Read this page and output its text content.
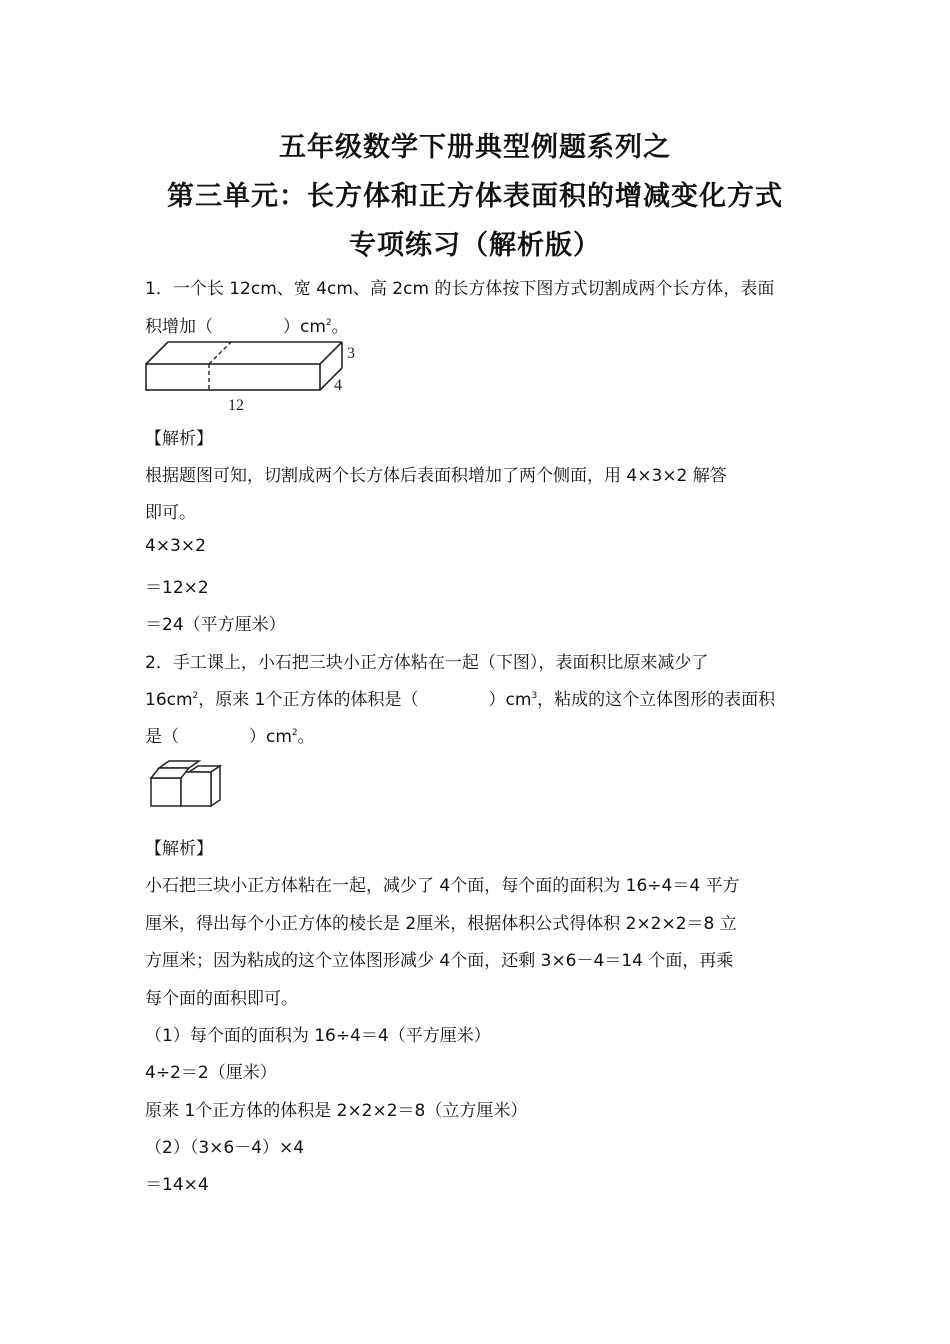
五年级数学下册典型例题系列之
第三单元：长方体和正方体表面积的增减变化方式
专项练习（解析版）
1．一个长 12cm、宽 4cm、高 2cm 的长方体按下图方式切割成两个长方体，表面
积增加（	）$cm^2$。
3
4
12
【解析】
根据题图可知，切割成两个长方体后表面积增加了两个侧面，用 4×3×2 解答
即可。
4×3×2
＝12×2
＝24（平方厘米）
2．手工课上，小石把三块小正方体粘在一起（下图），表面积比原来减少了
$16cm^2$，原来 1个正方体的体积是（	）$cm^3$，粘成的这个立体图形的表面积
是（	）$cm^2$。
【解析】
小石把三块小正方体粘在一起，减少了 4个面，每个面的面积为 16÷4＝4 平方
厘米，得出每个小正方体的棱长是 2厘米，根据体积公式得体积 2×2×2＝8 立
方厘米；因为粘成的这个立体图形减少 4个面，还剩 3×6－4＝14 个面，再乘
每个面的面积即可。
（1）每个面的面积为 16÷4＝4（平方厘米）
4÷2＝2（厘米）
原来 1个正方体的体积是 2×2×2＝8（立方厘米）
（2）（3×6－4）×4
＝14×4
